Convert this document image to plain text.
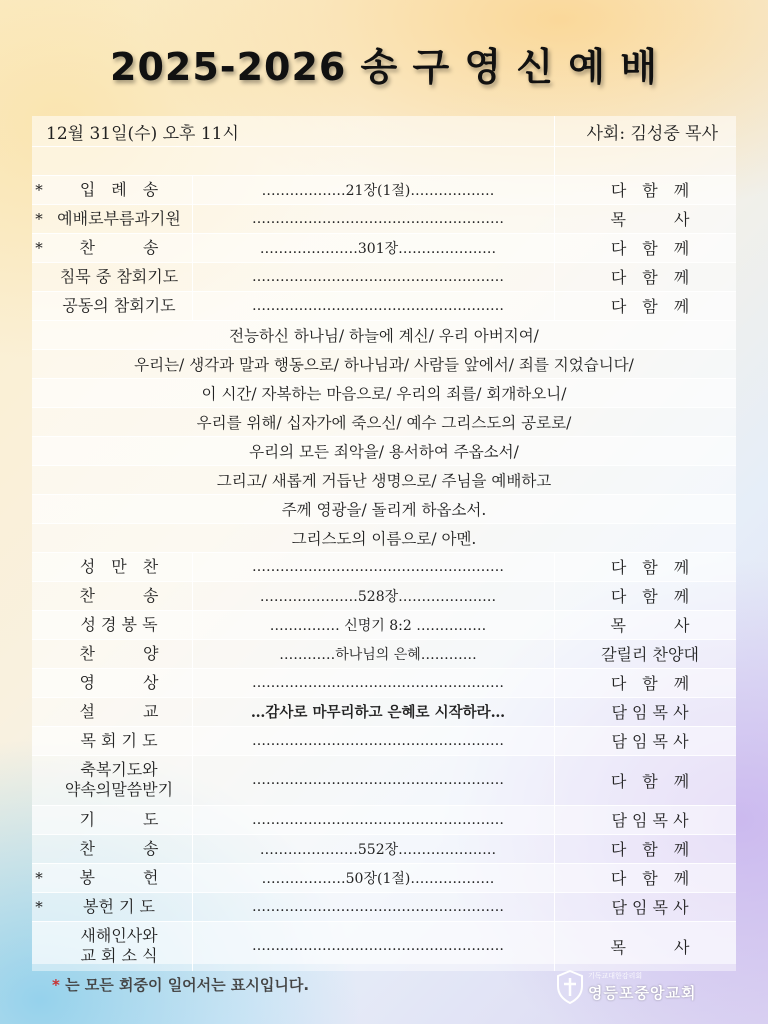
2025-2026 송 구 영 신 예 배
12월 31일(수) 오후 11시	사회: 김성중 목사
*	입　례　송	………………21장(1절)………………	다　함　께
* 예배로부름과기원	………………………………………………	목　　　사
*	찬　　　송	…………………301장…………………	다　함　께
침묵 중 참회기도	………………………………………………	다　함　께
공동의 참회기도	………………………………………………	다　함　께
전능하신 하나님/ 하늘에 계신/ 우리 아버지여/
우리는/ 생각과 말과 행동으로/ 하나님과/ 사람들 앞에서/ 죄를 지었습니다/
이 시간/ 자복하는 마음으로/ 우리의 죄를/ 회개하오니/
우리를 위해/ 십자가에 죽으신/ 예수 그리스도의 공로로/
우리의 모든 죄악을/ 용서하여 주옵소서/
그리고/ 새롭게 거듭난 생명으로/ 주님을 예배하고
주께 영광을/ 돌리게 하옵소서.
그리스도의 이름으로/ 아멘.
성　만　찬	………………………………………………	다　함　께
찬　　　송	…………………528장…………………	다　함　께
성 경 봉 독	…………… 신명기 8:2 ……………	목　　　사
찬　　　양	…………하나님의 은혜…………	갈릴리 찬양대
영　　　상	………………………………………………	다　함　께
설　　　교	…감사로 마무리하고 은혜로 시작하라…	담 임 목 사
목 회 기 도	………………………………………………	담 임 목 사
축복기도와
약속의말씀받기	………………………………………………	다　함　께
기　　　도	………………………………………………	담 임 목 사
찬　　　송	…………………552장…………………	다　함　께
*	봉　　　헌	………………50장(1절)………………	다　함　께
*	봉헌 기 도	………………………………………………	담 임 목 사
새해인사와
교 회 소 식	………………………………………………	목　　　사
* 는 모든 회중이 일어서는 표시입니다.	기독교대한감리회
영등포중앙교회
